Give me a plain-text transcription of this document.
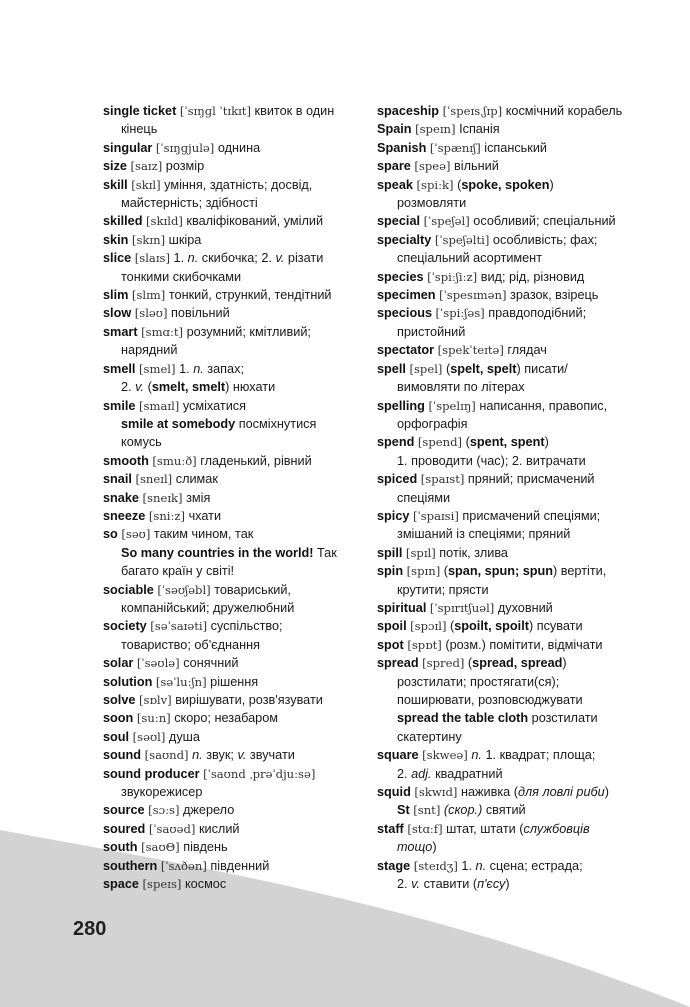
single ticket [ˈsɪŋɡl ˈtɪkɪt] квиток в один
кінець
singular [ˈsɪŋɡjulə] однина
size [saɪz] розмір
skill [skɪl] уміння, здатність; досвід,
майстерність; здібності
skilled [skɪld] кваліфікований, умілий
skin [skɪn] шкіра
slice [slaɪs] 1. n. скибочка; 2. v. різати
тонкими скибочками
slim [slɪm] тонкий, стрункий, тендітний
slow [sləʊ] повільний
smart [smɑːt] розумний; кмітливий;
нарядний
smell [smel] 1. n. запах;
2. v. (smelt, smelt) нюхати
smile [smaɪl] усміхатися
smile at somebody посміхнутися
комусь
smooth [smuːð] гладенький, рівний
snail [sneɪl] слимак
snake [sneɪk] змія
sneeze [sniːz] чхати
so [səʊ] таким чином, так
So many countries in the world! Так
багато країн у світі!
sociable [ˈsəʊʃəbl] товариський,
компанійський; дружелюбний
society [səˈsaɪəti] суспільство;
товариство; об'єднання
solar [ˈsəʊlə] сонячний
solution [səˈluːʃn] рішення
solve [sɒlv] вирішувати, розв'язувати
soon [suːn] скоро; незабаром
soul [səʊl] душа
sound [saʊnd] n. звук; v. звучати
sound producer [ˈsaʊnd ˌprəˈdjuːsə]
звукорежисер
source [sɔːs] джерело
soured [ˈsaʊəd] кислий
south [saʊΘ] південь
southern [ˈsʌðən] південний
space [speɪs] космос
spaceship [ˈspeɪsˌʃɪp] космічний корабель
Spain [speɪn] Іспанія
Spanish [ˈspænɪʃ] іспанський
spare [speə] вільний
speak [spiːk] (spoke, spoken)
розмовляти
special [ˈspeʃəl] особливий; спеціальний
specialty [ˈspeʃəlti] особливість; фах;
спеціальний асортимент
species [ˈspiːʃiːz] вид; рід, різновид
specimen [ˈspesɪmən] зразок, взірець
specious [ˈspiːʃəs] правдоподібний;
пристойний
spectator [spekˈteɪtə] глядач
spell [spel] (spelt, spelt) писати/
вимовляти по літерах
spelling [ˈspelɪŋ] написання, правопис,
орфографія
spend [spend] (spent, spent)
1. проводити (час); 2. витрачати
spiced [spaɪst] пряний; присмачений
спеціями
spicy [ˈspaɪsi] присмачений спеціями;
змішаний із спеціями; пряний
spill [spɪl] потік, злива
spin [spɪn] (span, spun; spun) вертіти,
крутити; прясти
spiritual [ˈspɪrɪtʃuəl] духовний
spoil [spɔɪl] (spoilt, spoilt) псувати
spot [spɒt] (розм.) помітити, відмічати
spread [spred] (spread, spread)
розстилати; простягати(ся);
поширювати, розповсюджувати
spread the table cloth розстилати
скатертину
square [skweə] n. 1. квадрат; площа;
2. adj. квадратний
squid [skwɪd] наживка (для ловлі риби)
St [snt] (скор.) святий
staff [stɑːf] штат, штати (службовців
тощо)
stage [steɪdʒ] 1. n. сцена; естрада;
2. v. ставити (п'єсу)
280
